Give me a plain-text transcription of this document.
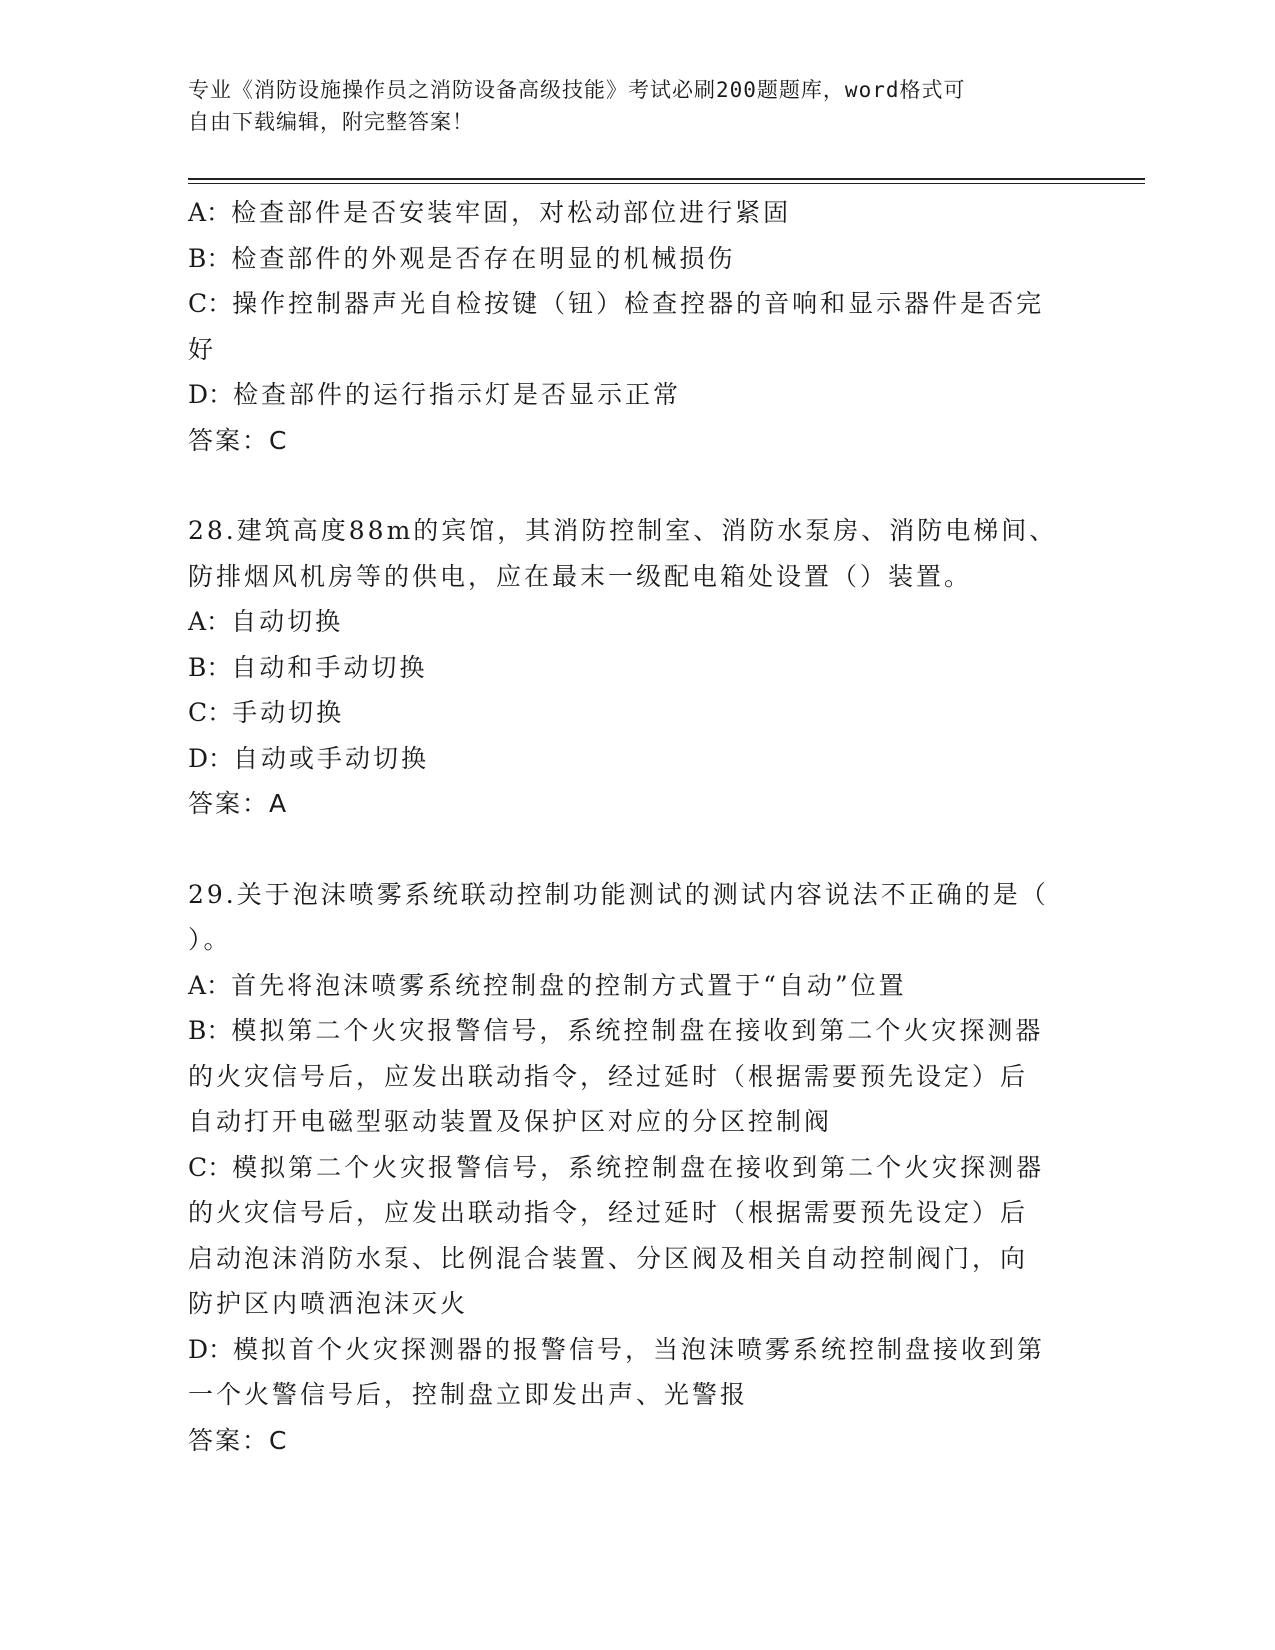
专业《消防设施操作员之消防设备高级技能》考试必刷200题题库，word格式可
自由下载编辑，附完整答案！
A：检查部件是否安装牢固，对松动部位进行紧固
B：检查部件的外观是否存在明显的机械损伤
C：操作控制器声光自检按键（钮）检查控器的音响和显示器件是否完
好
D：检查部件的运行指示灯是否显示正常
答案：C
28.建筑高度88m的宾馆，其消防控制室、消防水泵房、消防电梯间、
防排烟风机房等的供电，应在最末一级配电箱处设置（）装置。
A：自动切换
B：自动和手动切换
C：手动切换
D：自动或手动切换
答案：A
29.关于泡沫喷雾系统联动控制功能测试的测试内容说法不正确的是（
）。
A：首先将泡沫喷雾系统控制盘的控制方式置于“自动”位置
B：模拟第二个火灾报警信号，系统控制盘在接收到第二个火灾探测器
的火灾信号后，应发出联动指令，经过延时（根据需要预先设定）后
自动打开电磁型驱动装置及保护区对应的分区控制阀
C：模拟第二个火灾报警信号，系统控制盘在接收到第二个火灾探测器
的火灾信号后，应发出联动指令，经过延时（根据需要预先设定）后
启动泡沫消防水泵、比例混合装置、分区阀及相关自动控制阀门，向
防护区内喷洒泡沫灭火
D：模拟首个火灾探测器的报警信号，当泡沫喷雾系统控制盘接收到第
一个火警信号后，控制盘立即发出声、光警报
答案：C
